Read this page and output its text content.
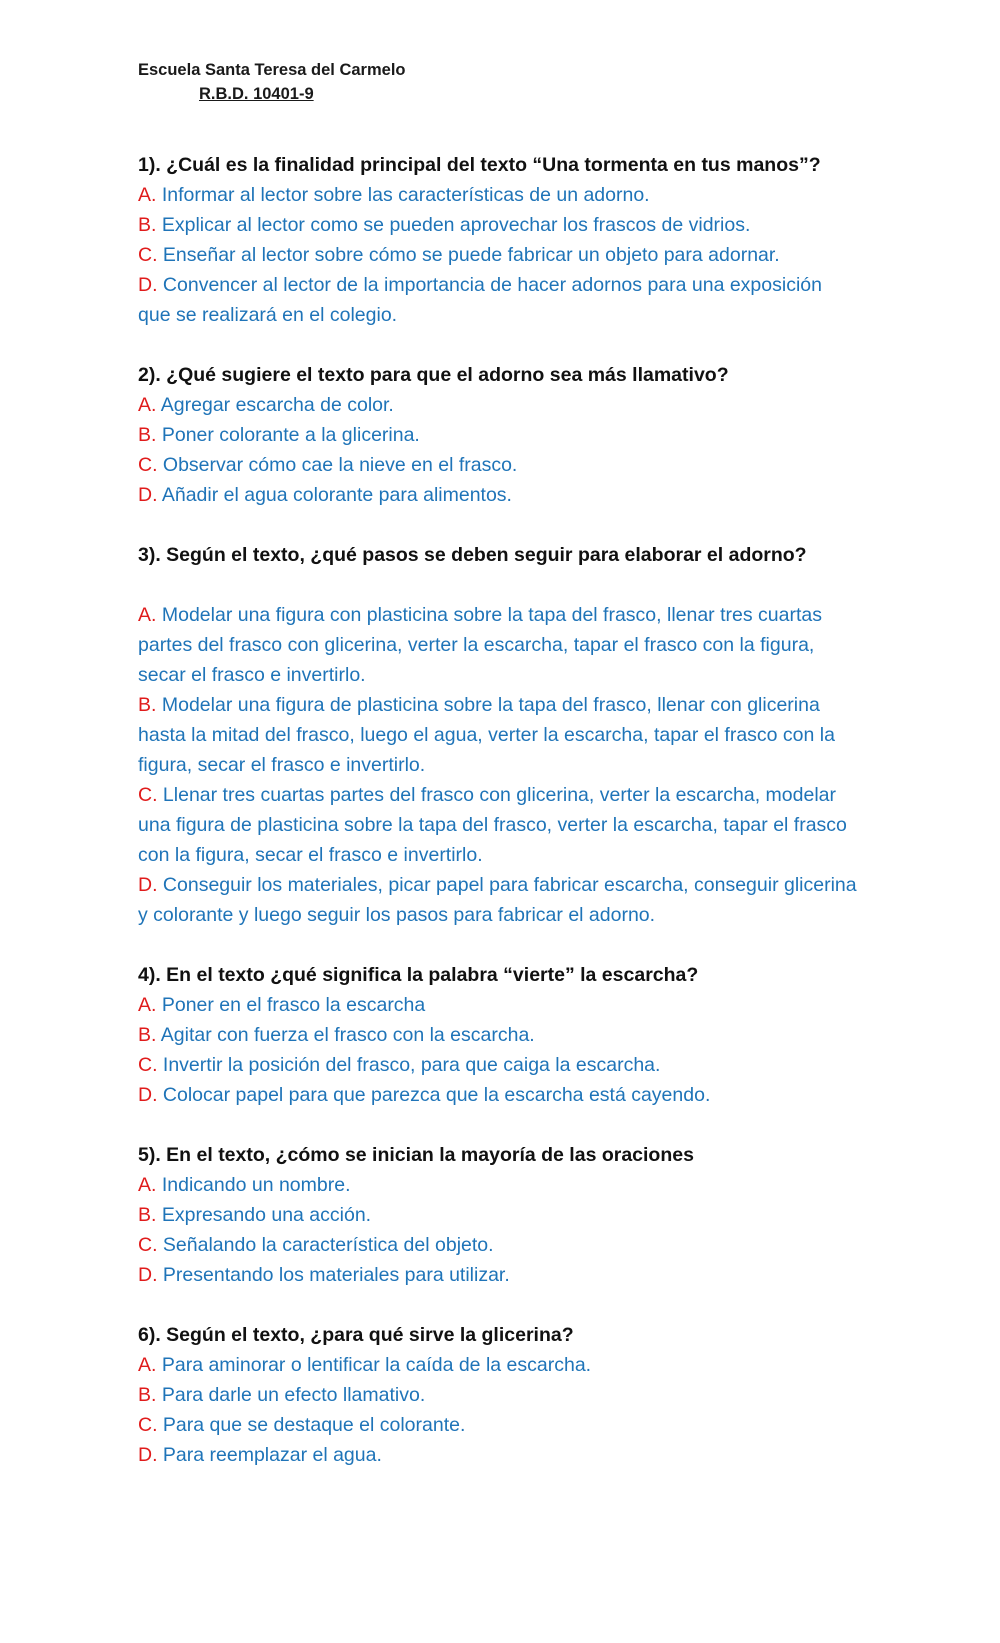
Escuela Santa Teresa del Carmelo
R.B.D. 10401-9
1). ¿Cuál es la finalidad principal del texto “Una tormenta en tus manos”?
A. Informar al lector sobre las características de un adorno.
B. Explicar al lector como se pueden aprovechar los frascos de vidrios.
C. Enseñar al lector sobre cómo se puede fabricar un objeto para adornar.
D. Convencer al lector de la importancia de hacer adornos para una exposición que se realizará en el colegio.
2). ¿Qué sugiere el texto para que el adorno sea más llamativo?
A. Agregar escarcha de color.
B. Poner colorante a la glicerina.
C. Observar cómo cae la nieve en el frasco.
D. Añadir el agua colorante para alimentos.
3). Según el texto, ¿qué pasos se deben seguir para elaborar el adorno?
A. Modelar una figura con plasticina sobre la tapa del frasco, llenar tres cuartas partes del frasco con glicerina, verter la escarcha, tapar el frasco con la figura, secar el frasco e invertirlo.
B. Modelar una figura de plasticina sobre la tapa del frasco, llenar con glicerina hasta la mitad del frasco, luego el agua, verter la escarcha, tapar el frasco con la figura, secar el frasco e invertirlo.
C. Llenar tres cuartas partes del frasco con glicerina, verter la escarcha, modelar una figura de plasticina sobre la tapa del frasco, verter la escarcha, tapar el frasco con la figura, secar el frasco e invertirlo.
D. Conseguir los materiales, picar papel para fabricar escarcha, conseguir glicerina y colorante y luego seguir los pasos para fabricar el adorno.
4). En el texto ¿qué significa la palabra “vierte” la escarcha?
A. Poner en el frasco la escarcha
B. Agitar con fuerza el frasco con la escarcha.
C. Invertir la posición del frasco, para que caiga la escarcha.
D. Colocar papel para que parezca que la escarcha está cayendo.
5). En el texto, ¿cómo se inician la mayoría de las oraciones
A. Indicando un nombre.
B. Expresando una acción.
C. Señalando la característica del objeto.
D. Presentando los materiales para utilizar.
6). Según el texto, ¿para qué sirve la glicerina?
A. Para aminorar o lentificar la caída de la escarcha.
B. Para darle un efecto llamativo.
C. Para que se destaque el colorante.
D. Para reemplazar el agua.
